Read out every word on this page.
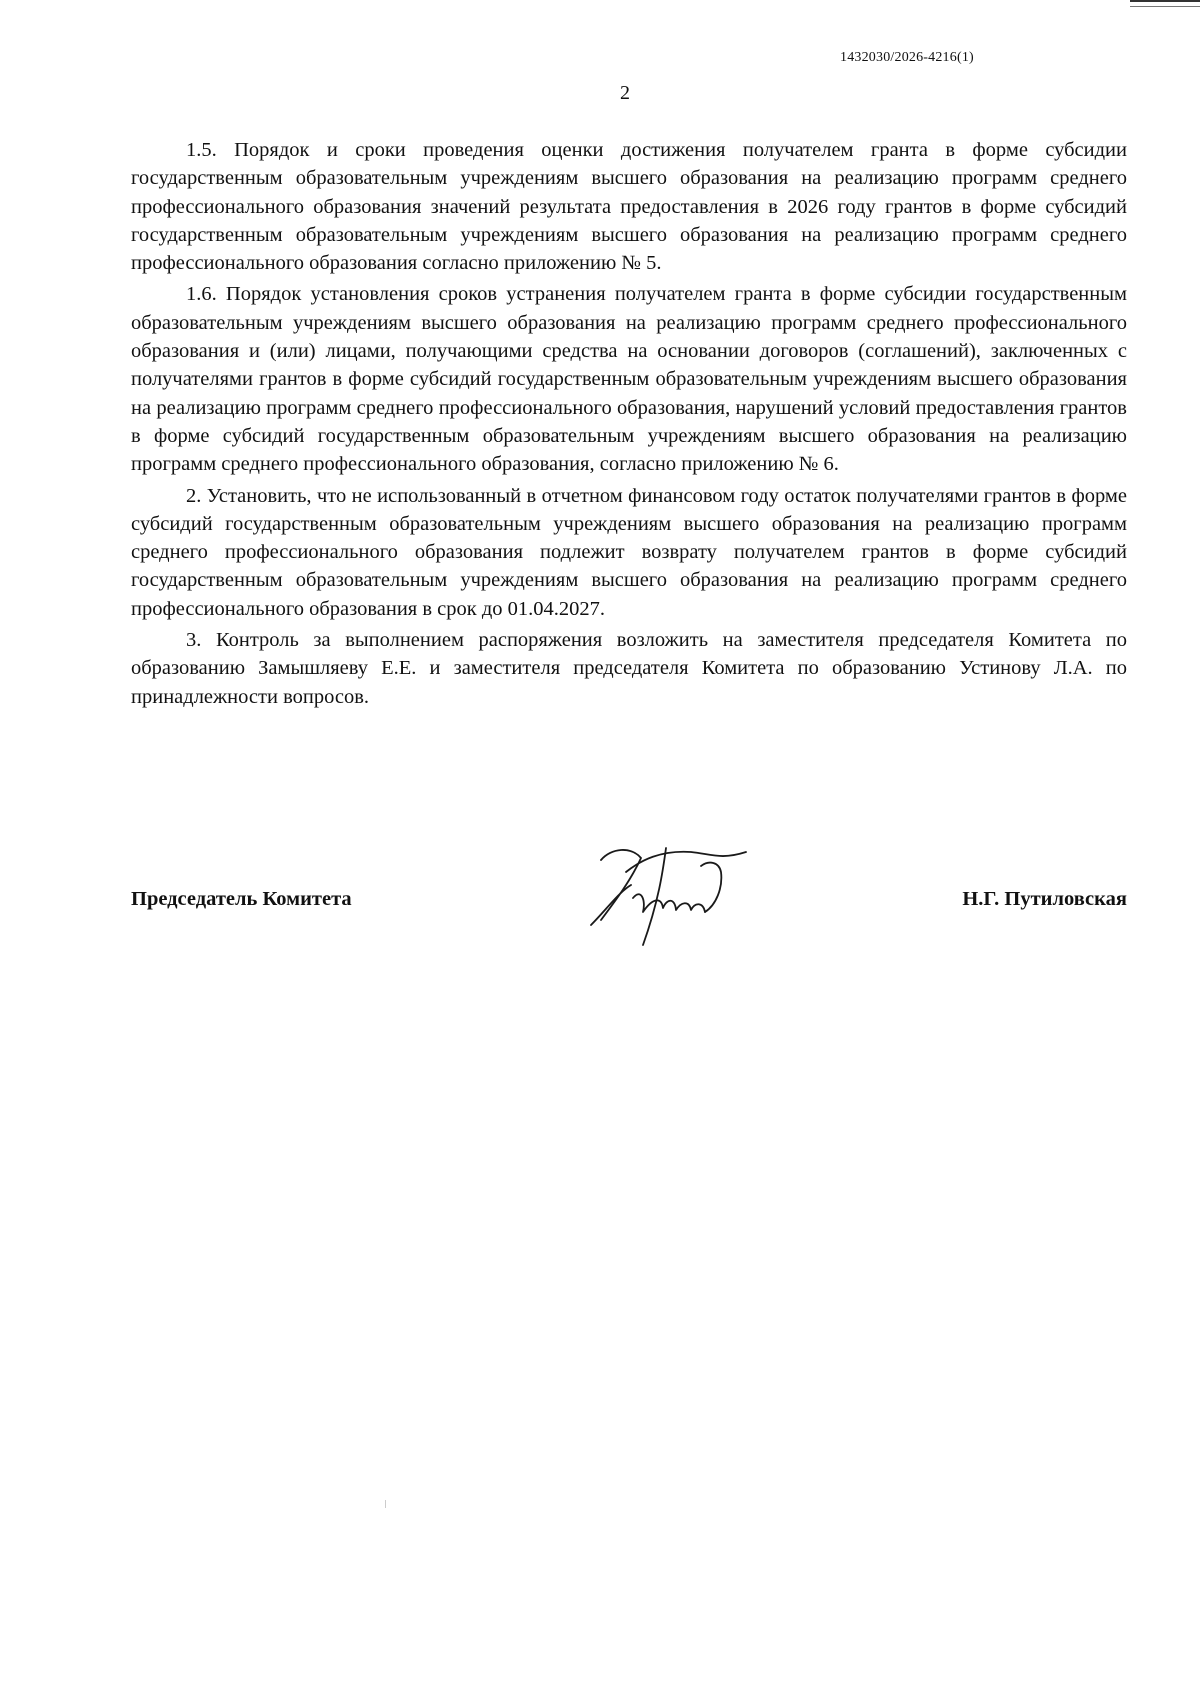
1432030/2026-4216(1)
2

1.5. Порядок и сроки проведения оценки достижения получателем гранта в форме субсидии государственным образовательным учреждениям высшего образования на реализацию программ среднего профессионального образования значений результата предоставления в 2026 году грантов в форме субсидий государственным образовательным учреждениям высшего образования на реализацию программ среднего профессионального образования согласно приложению № 5.

1.6. Порядок установления сроков устранения получателем гранта в форме субсидии государственным образовательным учреждениям высшего образования на реализацию программ среднего профессионального образования и (или) лицами, получающими средства на основании договоров (соглашений), заключенных с получателями грантов в форме субсидий государственным образовательным учреждениям высшего образования на реализацию программ среднего профессионального образования, нарушений условий предоставления грантов в форме субсидий государственным образовательным учреждениям высшего образования на реализацию программ среднего профессионального образования, согласно приложению № 6.

2. Установить, что не использованный в отчетном финансовом году остаток получателями грантов в форме субсидий государственным образовательным учреждениям высшего образования на реализацию программ среднего профессионального образования подлежит возврату получателем грантов в форме субсидий государственным образовательным учреждениям высшего образования на реализацию программ среднего профессионального образования в срок до 01.04.2027.

3. Контроль за выполнением распоряжения возложить на заместителя председателя Комитета по образованию Замышляеву Е.Е. и заместителя председателя Комитета по образованию Устинову Л.А. по принадлежности вопросов.

Председатель Комитета	Н.Г. Путиловская
